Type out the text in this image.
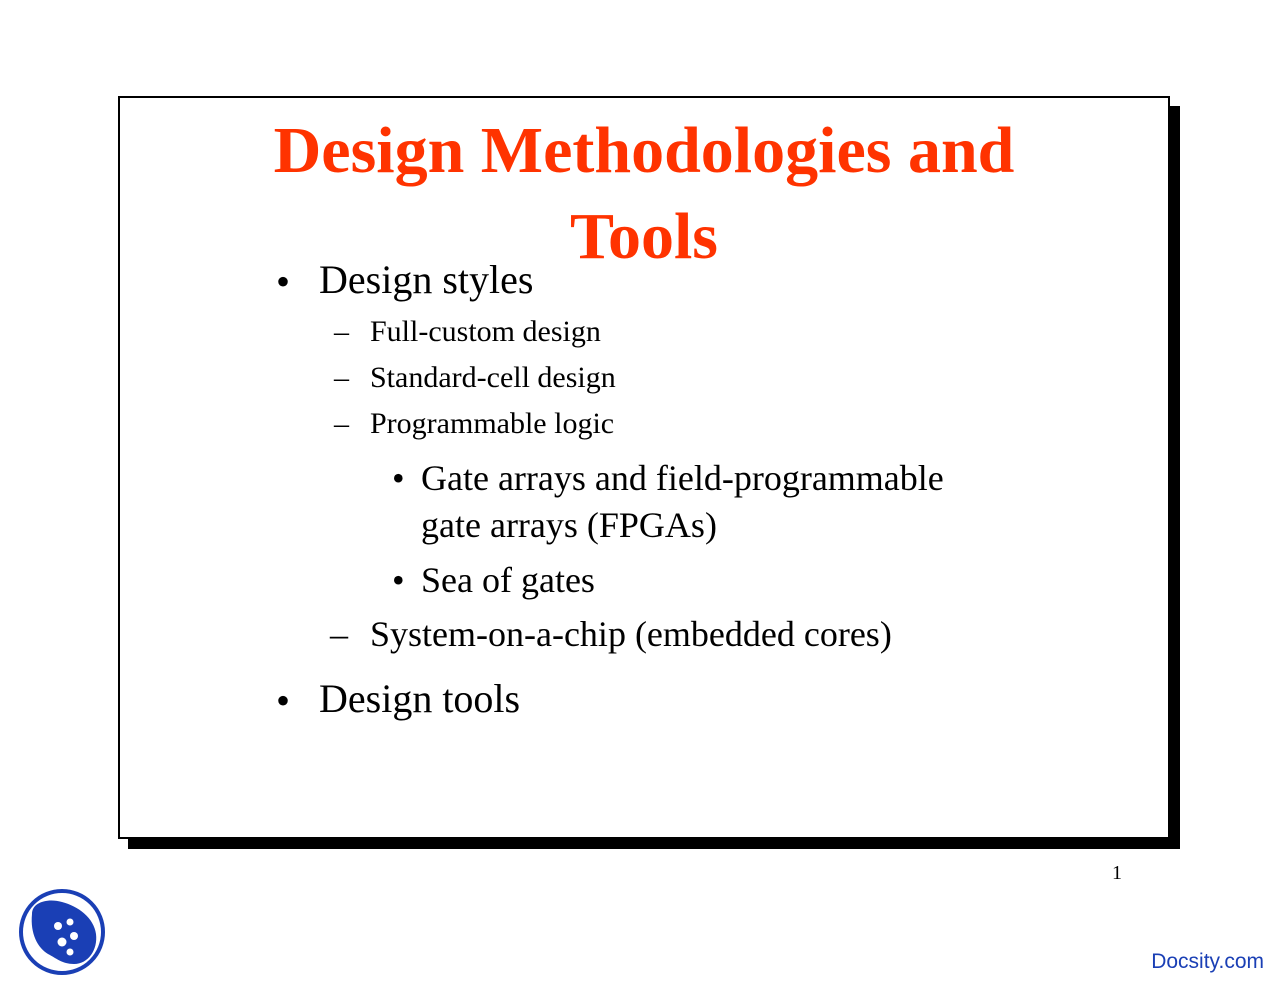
Design Methodologies and
Tools
• Design styles
– Full-custom design
– Standard-cell design
– Programmable logic
• Gate arrays and field-programmable
gate arrays (FPGAs)
• Sea of gates
– System-on-a-chip (embedded cores)
• Design tools
1
Docsity.com
